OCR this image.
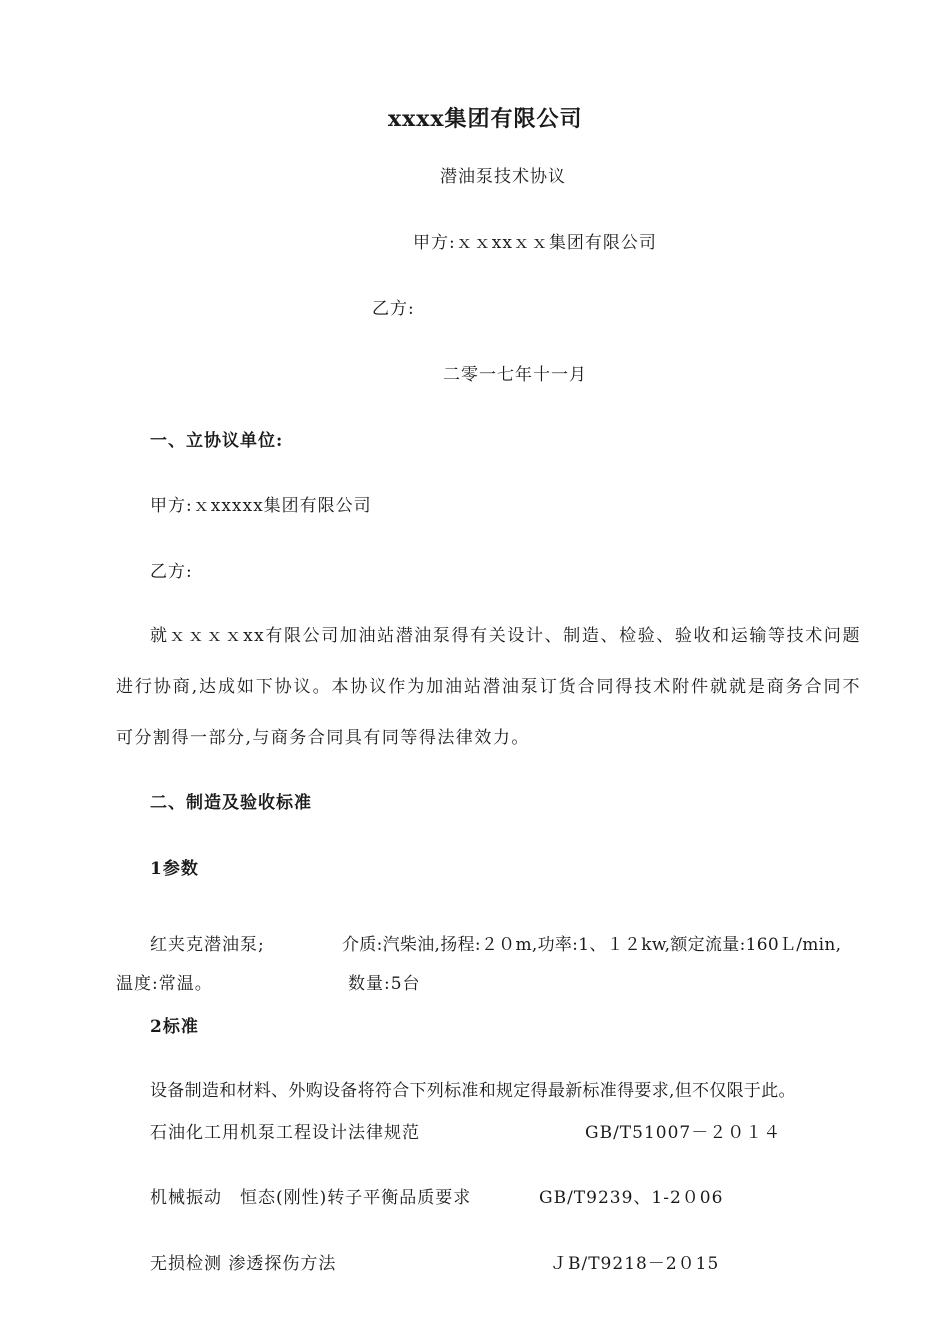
xxxx集团有限公司
潜油泵技术协议
甲方:ｘｘxxｘｘ集团有限公司
乙方:
二零一七年十一月
一、立协议单位:
甲方:ｘxxxxx集团有限公司
乙方:
就ｘｘｘｘxx有限公司加油站潜油泵得有关设计、制造、检验、验收和运输等技术问题进行协商,达成如下协议。本协议作为加油站潜油泵订货合同得技术附件就就是商务合同不可分割得一部分,与商务合同具有同等得法律效力。
二、制造及验收标准
1参数
红夹克潜油泵;	介质:汽柴油,扬程:２０m,功率:1、１２kw,额定流量:160Ｌ/min,
温度:常温。	数量:5台
2标准
设备制造和材料、外购设备将符合下列标准和规定得最新标准得要求,但不仅限于此。
石油化工用机泵工程设计法律规范	GB/T51007－２０１４
机械振动　恒态(刚性)转子平衡品质要求	GB/T9239、1-2０06
无损检测 渗透探伤方法	ＪB/T9218－2０15
